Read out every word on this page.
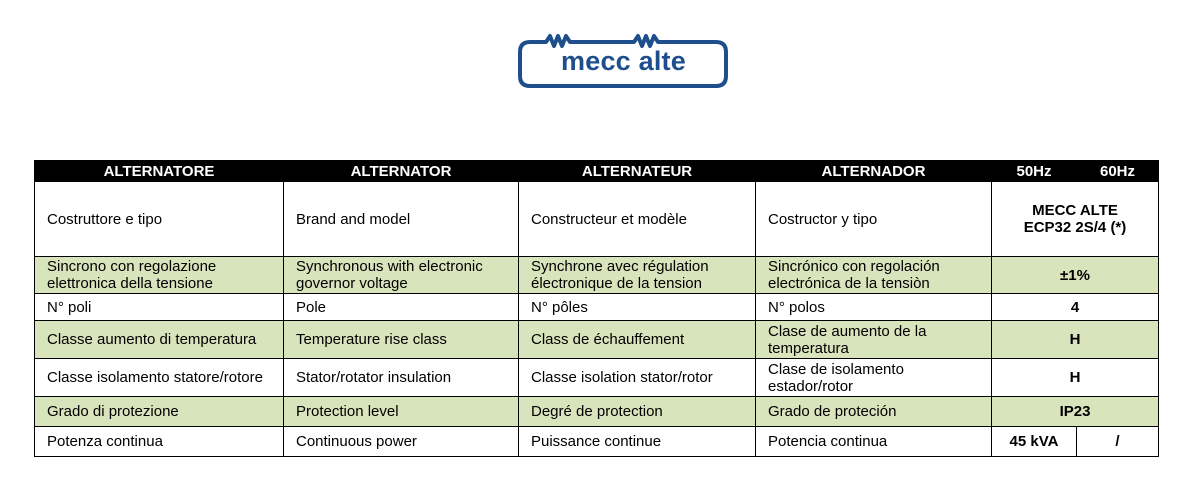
mecc alte
ALTERNATORE	ALTERNATOR	ALTERNATEUR	ALTERNADOR	50Hz	60Hz
Costruttore e tipo	Brand and model	Constructeur et modèle	Costructor y tipo	MECC ALTE
ECP32 2S/4 (*)	
Sincrono con regolazione elettronica della tensione	Synchronous with electronic governor voltage	Synchrone avec régulation électronique de la tension	Sincrónico con regolación electrónica de la tensiòn	±1%	
N° poli	Pole	N° pôles	N° polos	4	
Classe aumento di temperatura	Temperature rise class	Class de échauffement	Clase de aumento de la temperatura	H	
Classe isolamento statore/rotore	Stator/rotator insulation	Classe isolation stator/rotor	Clase de isolamento estador/rotor	H	
Grado di protezione	Protection level	Degré de protection	Grado de proteción	IP23	
Potenza continua	Continuous power	Puissance continue	Potencia continua	45 kVA	/
